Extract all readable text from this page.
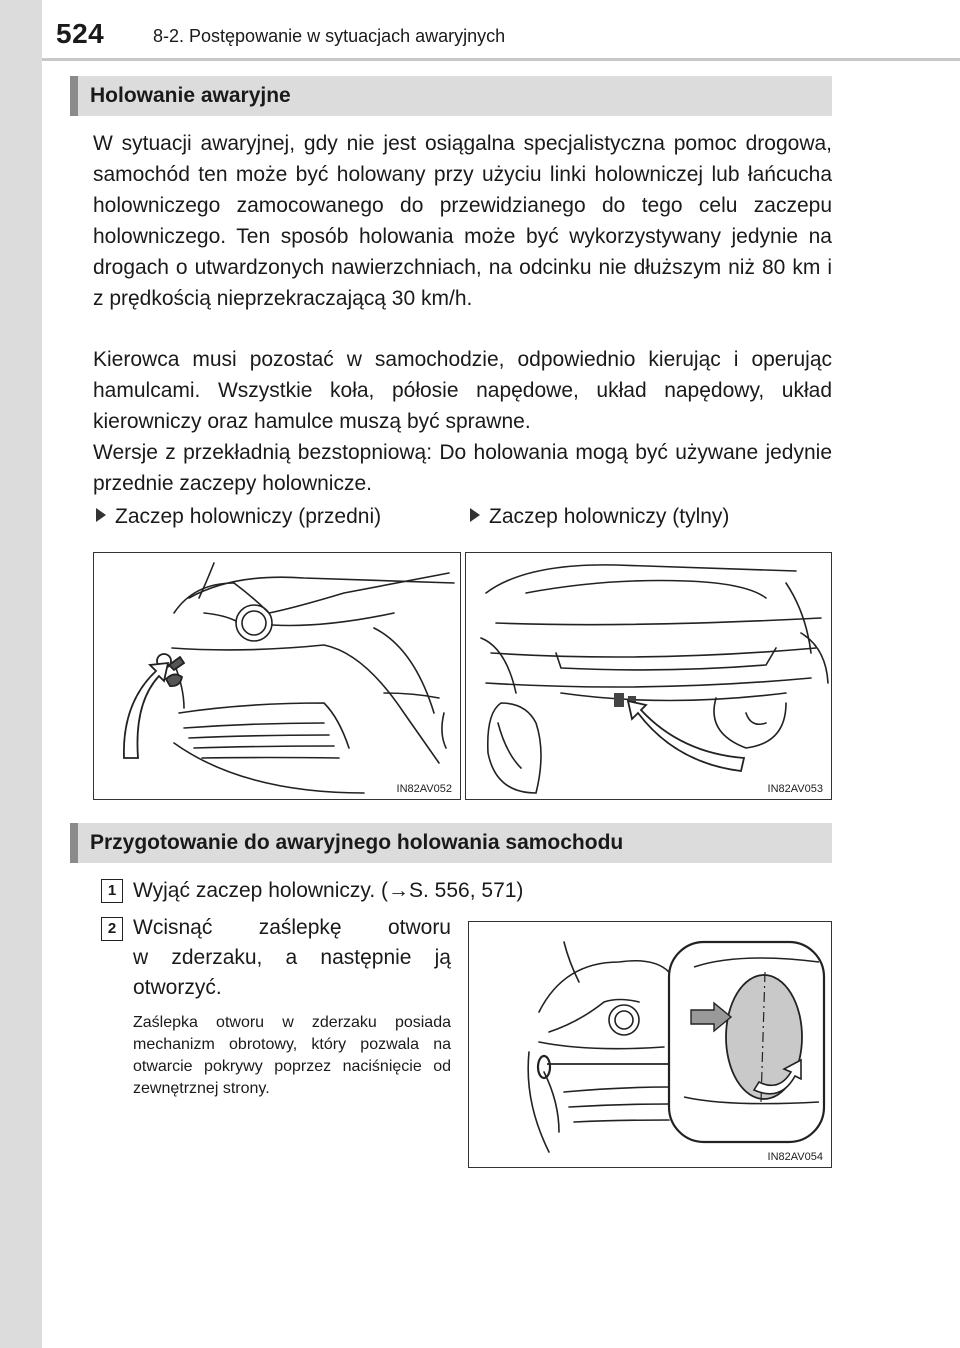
524	8-2. Postępowanie w sytuacjach awaryjnych
Holowanie awaryjne

W sytuacji awaryjnej, gdy nie jest osiągalna specjalistyczna pomoc drogowa, samochód ten może być holowany przy użyciu linki holowniczej lub łańcucha holowniczego zamocowanego do przewidzianego do tego celu zaczepu holowniczego. Ten sposób holowania może być wykorzystywany jedynie na drogach o utwardzonych nawierzchniach, na odcinku nie dłuższym niż 80 km i z prędkością nieprzekraczającą 30 km/h.

Kierowca musi pozostać w samochodzie, odpowiednio kierując i operując hamulcami. Wszystkie koła, półosie napędowe, układ napędowy, układ kierowniczy oraz hamulce muszą być sprawne.

Wersje z przekładnią bezstopniową: Do holowania mogą być używane jedynie przednie zaczepy holownicze.

Zaczep holowniczy (przedni)	Zaczep holowniczy (tylny)
IN82AV052	IN82AV053
Przygotowanie do awaryjnego holowania samochodu
1 Wyjąć zaczep holowniczy. (→S. 556, 571)

2 Wcisnąć zaślepkę otworu

w zderzaku, a następnie ją

otworzyć.

Zaślepka otworu w zderzaku posiada mechanizm obrotowy, który pozwala na otwarcie pokrywy poprzez naciśnięcie od zewnętrznej strony.

IN82AV054
